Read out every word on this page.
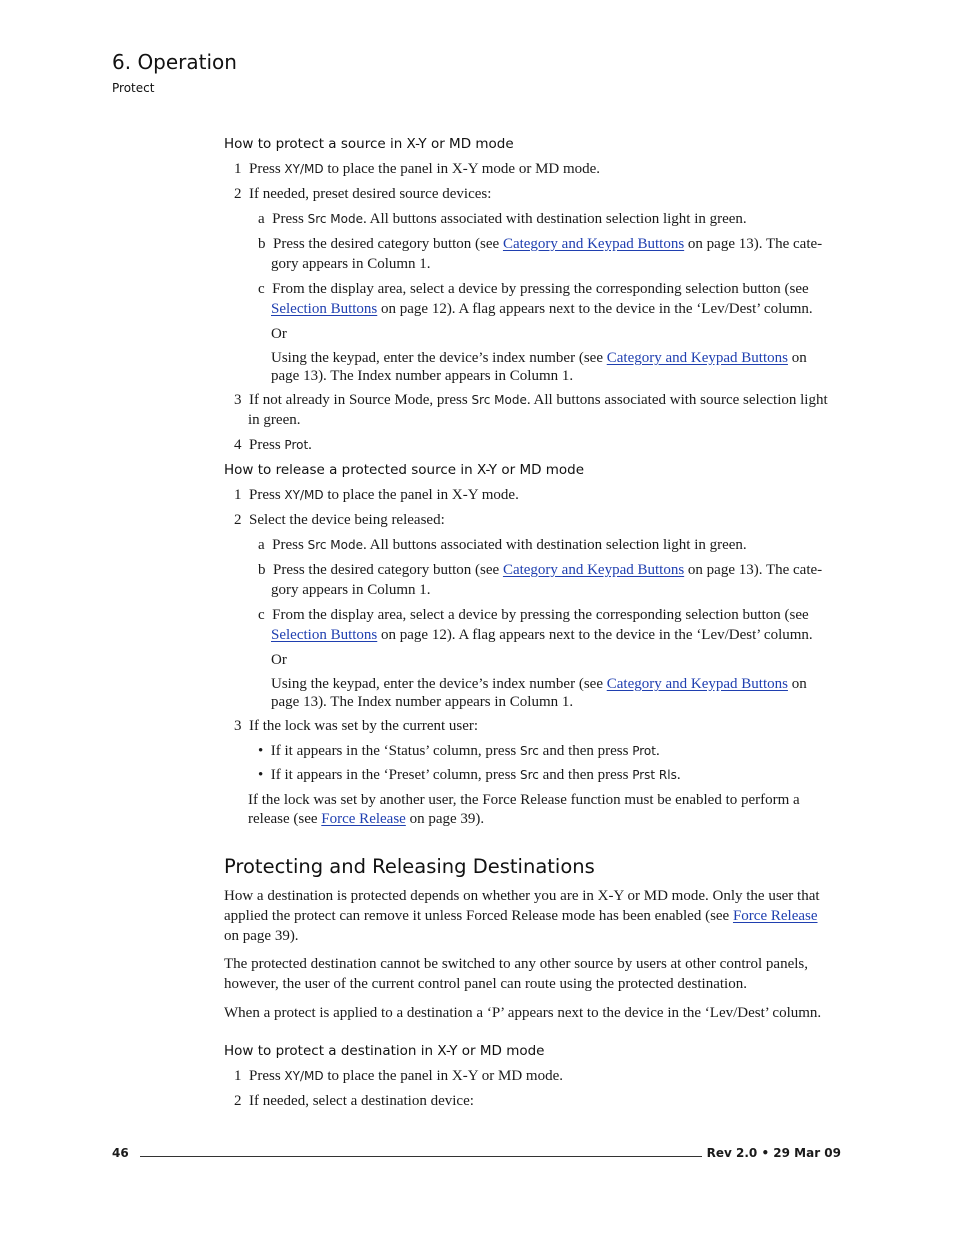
6. Operation
Protect
How to protect a source in X-Y or MD mode
1 Press XY/MD to place the panel in X-Y mode or MD mode.
2 If needed, preset desired source devices:
a Press Src Mode. All buttons associated with destination selection light in green.
b Press the desired category button (see Category and Keypad Buttons on page 13). The cate-
gory appears in Column 1.
c From the display area, select a device by pressing the corresponding selection button (see
Selection Buttons on page 12). A flag appears next to the device in the ‘Lev/Dest’ column.
Or
Using the keypad, enter the device’s index number (see Category and Keypad Buttons on
page 13). The Index number appears in Column 1.
3 If not already in Source Mode, press Src Mode. All buttons associated with source selection light
in green.
4 Press Prot.
How to release a protected source in X-Y or MD mode
1 Press XY/MD to place the panel in X-Y mode.
2 Select the device being released:
a Press Src Mode. All buttons associated with destination selection light in green.
b Press the desired category button (see Category and Keypad Buttons on page 13). The cate-
gory appears in Column 1.
c From the display area, select a device by pressing the corresponding selection button (see
Selection Buttons on page 12). A flag appears next to the device in the ‘Lev/Dest’ column.
Or
Using the keypad, enter the device’s index number (see Category and Keypad Buttons on
page 13). The Index number appears in Column 1.
3 If the lock was set by the current user:
• If it appears in the ‘Status’ column, press Src and then press Prot.
• If it appears in the ‘Preset’ column, press Src and then press Prst Rls.
If the lock was set by another user, the Force Release function must be enabled to perform a
release (see Force Release on page 39).
Protecting and Releasing Destinations
How a destination is protected depends on whether you are in X-Y or MD mode. Only the user that
applied the protect can remove it unless Forced Release mode has been enabled (see Force Release
on page 39).
The protected destination cannot be switched to any other source by users at other control panels,
however, the user of the current control panel can route using the protected destination.
When a protect is applied to a destination a ‘P’ appears next to the device in the ‘Lev/Dest’ column.
How to protect a destination in X-Y or MD mode
1 Press XY/MD to place the panel in X-Y or MD mode.
2 If needed, select a destination device:
46	Rev 2.0 • 29 Mar 09
